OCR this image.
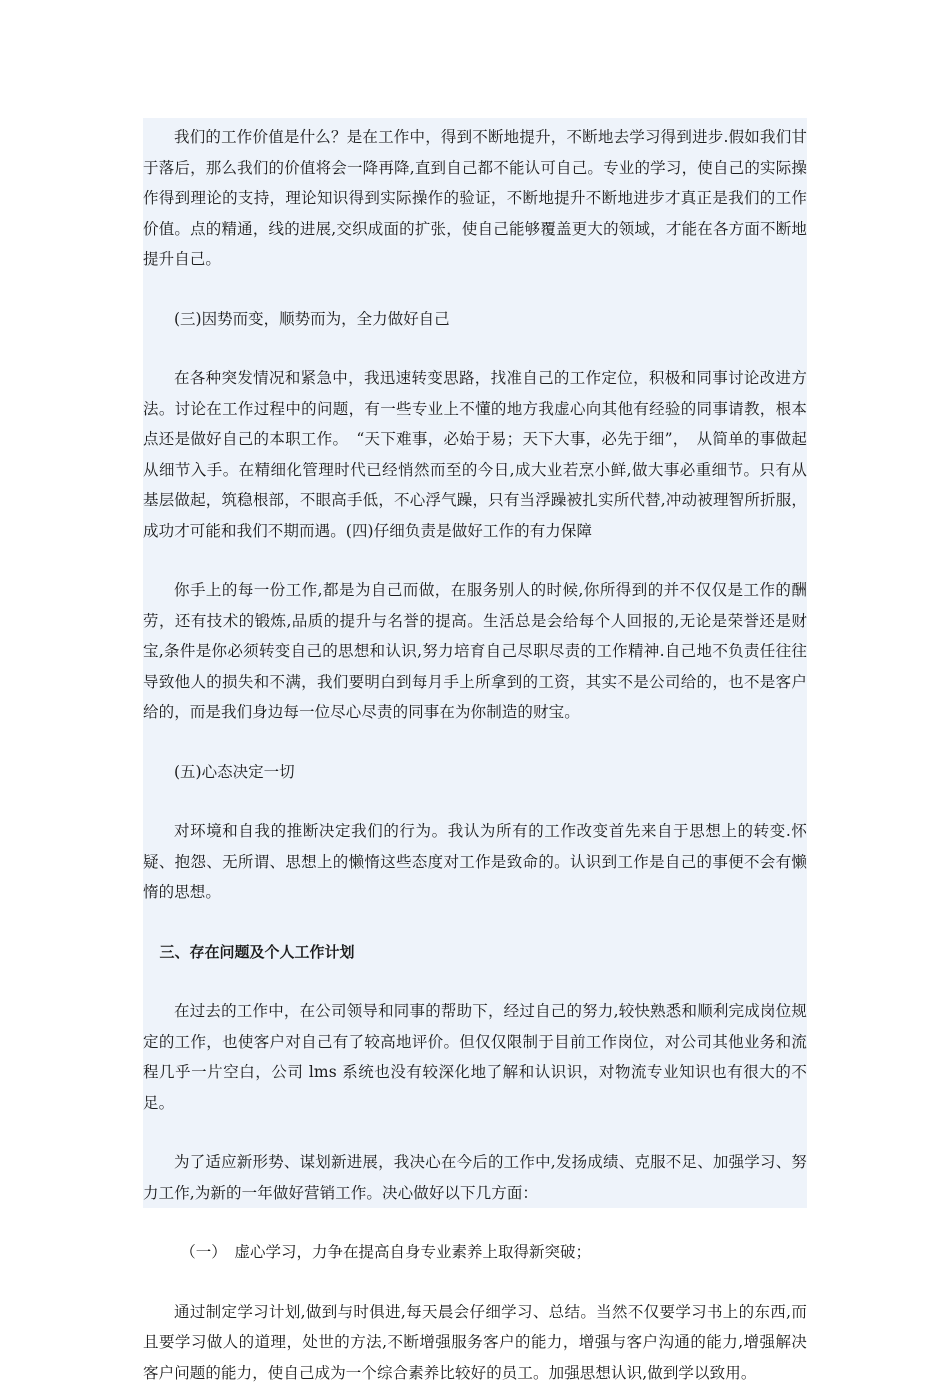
我们的工作价值是什么？是在工作中，得到不断地提升，不断地去学习得到进步.假如我们甘于落后，那么我们的价值将会一降再降,直到自己都不能认可自己。专业的学习，使自己的实际操作得到理论的支持，理论知识得到实际操作的验证，不断地提升不断地进步才真正是我们的工作价值。点的精通，线的进展,交织成面的扩张，使自己能够覆盖更大的领域，才能在各方面不断地提升自己。

(三)因势而变，顺势而为，全力做好自己

在各种突发情况和紧急中，我迅速转变思路，找准自己的工作定位，积极和同事讨论改进方法。讨论在工作过程中的问题，有一些专业上不懂的地方我虚心向其他有经验的同事请教，根本点还是做好自己的本职工作。　“天下难事，必始于易；天下大事，必先于细”，　从简单的事做起从细节入手。在精细化管理时代已经悄然而至的今日,成大业若烹小鲜,做大事必重细节。只有从基层做起，筑稳根部，不眼高手低，不心浮气躁，只有当浮躁被扎实所代替,冲动被理智所折服，成功才可能和我们不期而遇。(四)仔细负责是做好工作的有力保障

你手上的每一份工作,都是为自己而做，在服务别人的时候,你所得到的并不仅仅是工作的酬劳，还有技术的锻炼,品质的提升与名誉的提高。生活总是会给每个人回报的,无论是荣誉还是财宝,条件是你必须转变自己的思想和认识,努力培育自己尽职尽责的工作精神.自己地不负责任往往导致他人的损失和不满，我们要明白到每月手上所拿到的工资，其实不是公司给的，也不是客户给的，而是我们身边每一位尽心尽责的同事在为你制造的财宝。

(五)心态决定一切

对环境和自我的推断决定我们的行为。我认为所有的工作改变首先来自于思想上的转变.怀疑、抱怨、无所谓、思想上的懒惰这些态度对工作是致命的。认识到工作是自己的事便不会有懒惰的思想。

三、存在问题及个人工作计划

在过去的工作中，在公司领导和同事的帮助下，经过自己的努力,较快熟悉和顺利完成岗位规定的工作，也使客户对自己有了较高地评价。但仅仅限制于目前工作岗位，对公司其他业务和流程几乎一片空白，公司 lms 系统也没有较深化地了解和认识识，对物流专业知识也有很大的不足。

为了适应新形势、谋划新进展，我决心在今后的工作中,发扬成绩、克服不足、加强学习、努力工作,为新的一年做好营销工作。决心做好以下几方面：

（一）　虚心学习，力争在提高自身专业素养上取得新突破；

通过制定学习计划,做到与时俱进,每天晨会仔细学习、总结。当然不仅要学习书上的东西,而且要学习做人的道理，处世的方法,不断增强服务客户的能力，增强与客户沟通的能力,增强解决客户问题的能力，使自己成为一个综合素养比较好的员工。加强思想认识,做到学以致用。
